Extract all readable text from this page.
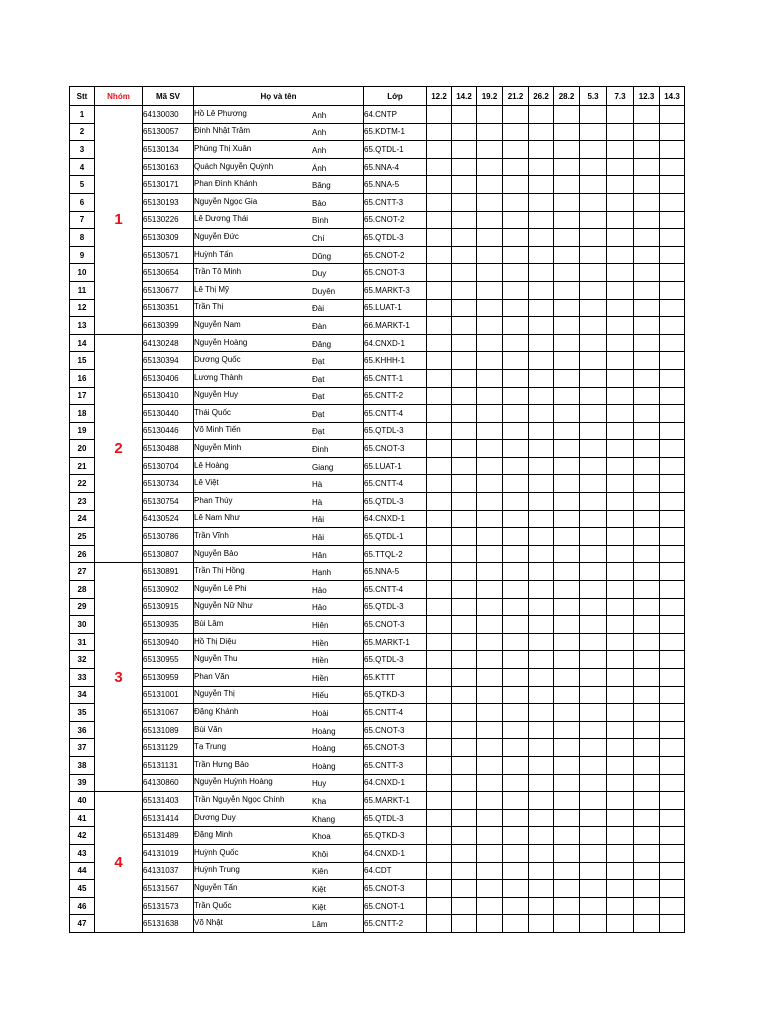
Stt	Nhóm	Mã SV	Họ và tên	Lớp	12.2	14.2	19.2	21.2	26.2	28.2	5.3	7.3	12.3	14.3
1	1	64130030	Hồ Lê Phương Anh	64.CNTP										
2		65130057	Đinh Nhật Trâm Anh	65.KDTM-1										
3		65130134	Phùng Thị Xuân Anh	65.QTDL-1										
4		65130163	Quách Nguyễn Quỳnh Ánh	65.NNA-4										
5		65130171	Phan Đình Khánh Băng	65.NNA-5										
6		65130193	Nguyễn Ngọc Gia Bảo	65.CNTT-3										
7		65130226	Lê Dương Thái Bình	65.CNOT-2										
8		65130309	Nguyễn Đức Chí	65.QTDL-3										
9		65130571	Huỳnh Tấn Dũng	65.CNOT-2										
10		65130654	Trần Tô Minh Duy	65.CNOT-3										
11		65130677	Lê Thị Mỹ Duyên	65.MARKT-3										
12		65130351	Trần Thị Đài	65.LUAT-1										
13		66130399	Nguyễn Nam Đàn	66.MARKT-1										
14	2	64130248	Nguyễn Hoàng Đăng	64.CNXD-1										
15		65130394	Dương Quốc Đạt	65.KHHH-1										
16		65130406	Lương Thành Đạt	65.CNTT-1										
17		65130410	Nguyễn Huy Đạt	65.CNTT-2										
18		65130440	Thái Quốc Đạt	65.CNTT-4										
19		65130446	Võ Minh Tiến Đạt	65.QTDL-3										
20		65130488	Nguyễn Minh Đinh	65.CNOT-3										
21		65130704	Lê Hoàng Giang	65.LUAT-1										
22		65130734	Lê Việt Hà	65.CNTT-4										
23		65130754	Phan Thúy Hà	65.QTDL-3										
24		64130524	Lê Nam Như Hải	64.CNXD-1										
25		65130786	Trần Vĩnh Hải	65.QTDL-1										
26		65130807	Nguyễn Bảo Hân	65.TTQL-2										
27	3	65130891	Trần Thị Hồng Hạnh	65.NNA-5										
28		65130902	Nguyễn Lê Phi Hảo	65.CNTT-4										
29		65130915	Nguyễn Nữ Như Hảo	65.QTDL-3										
30		65130935	Bùi Lâm Hiên	65.CNOT-3										
31		65130940	Hồ Thị Diệu Hiền	65.MARKT-1										
32		65130955	Nguyễn Thu Hiền	65.QTDL-3										
33		65130959	Phan Văn Hiền	65.KTTT										
34		65131001	Nguyễn Thị Hiếu	65.QTKD-3										
35		65131067	Đặng Khánh Hoài	65.CNTT-4										
36		65131089	Bùi Văn Hoàng	65.CNOT-3										
37		65131129	Tạ Trung Hoàng	65.CNOT-3										
38		65131131	Trần Hưng Bảo Hoàng	65.CNTT-3										
39		64130860	Nguyễn Huỳnh Hoàng Huy	64.CNXD-1										
40	4	65131403	Trần Nguyễn Ngọc Chính Kha	65.MARKT-1										
41		65131414	Dương Duy Khang	65.QTDL-3										
42		65131489	Đặng Minh Khoa	65.QTKD-3										
43		64131019	Huỳnh Quốc Khôi	64.CNXD-1										
44		64131037	Huỳnh Trung Kiên	64.CDT										
45		65131567	Nguyễn Tấn Kiệt	65.CNOT-3										
46		65131573	Trần Quốc Kiệt	65.CNOT-1										
47		65131638	Võ Nhật Lâm	65.CNTT-2										
